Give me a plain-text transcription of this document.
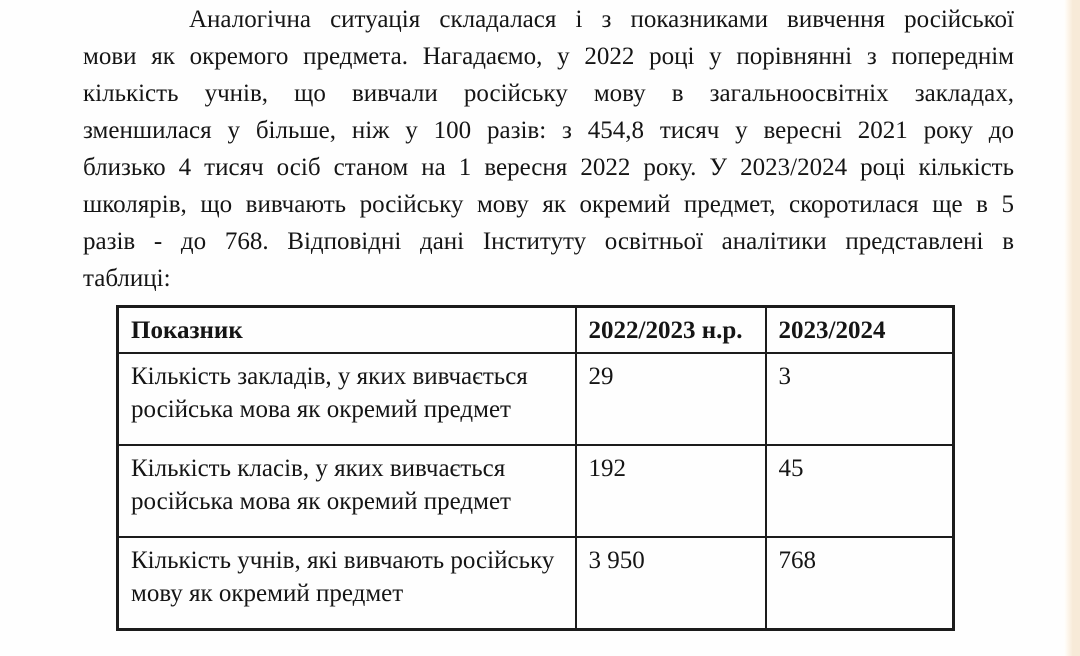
Аналогічна ситуація складалася і з показниками вивчення російської
мови як окремого предмета. Нагадаємо, у 2022 році у порівнянні з попереднім
кількість учнів, що вивчали російську мову в загальноосвітніх закладах,
зменшилася у більше, ніж у 100 разів: з 454,8 тисяч у вересні 2021 року до
близько 4 тисяч осіб станом на 1 вересня 2022 року. У 2023/2024 році кількість
школярів, що вивчають російську мову як окремий предмет, скоротилася ще в 5
разів - до 768. Відповідні дані Інституту освітньої аналітики представлені в
таблиці:
Показник	2022/2023 н.р.	2023/2024
Кількість закладів, у яких вивчається російська мова як окремий предмет	29	3
Кількість класів, у яких вивчається російська мова як окремий предмет	192	45
Кількість учнів, які вивчають російську мову як окремий предмет	3 950	768
